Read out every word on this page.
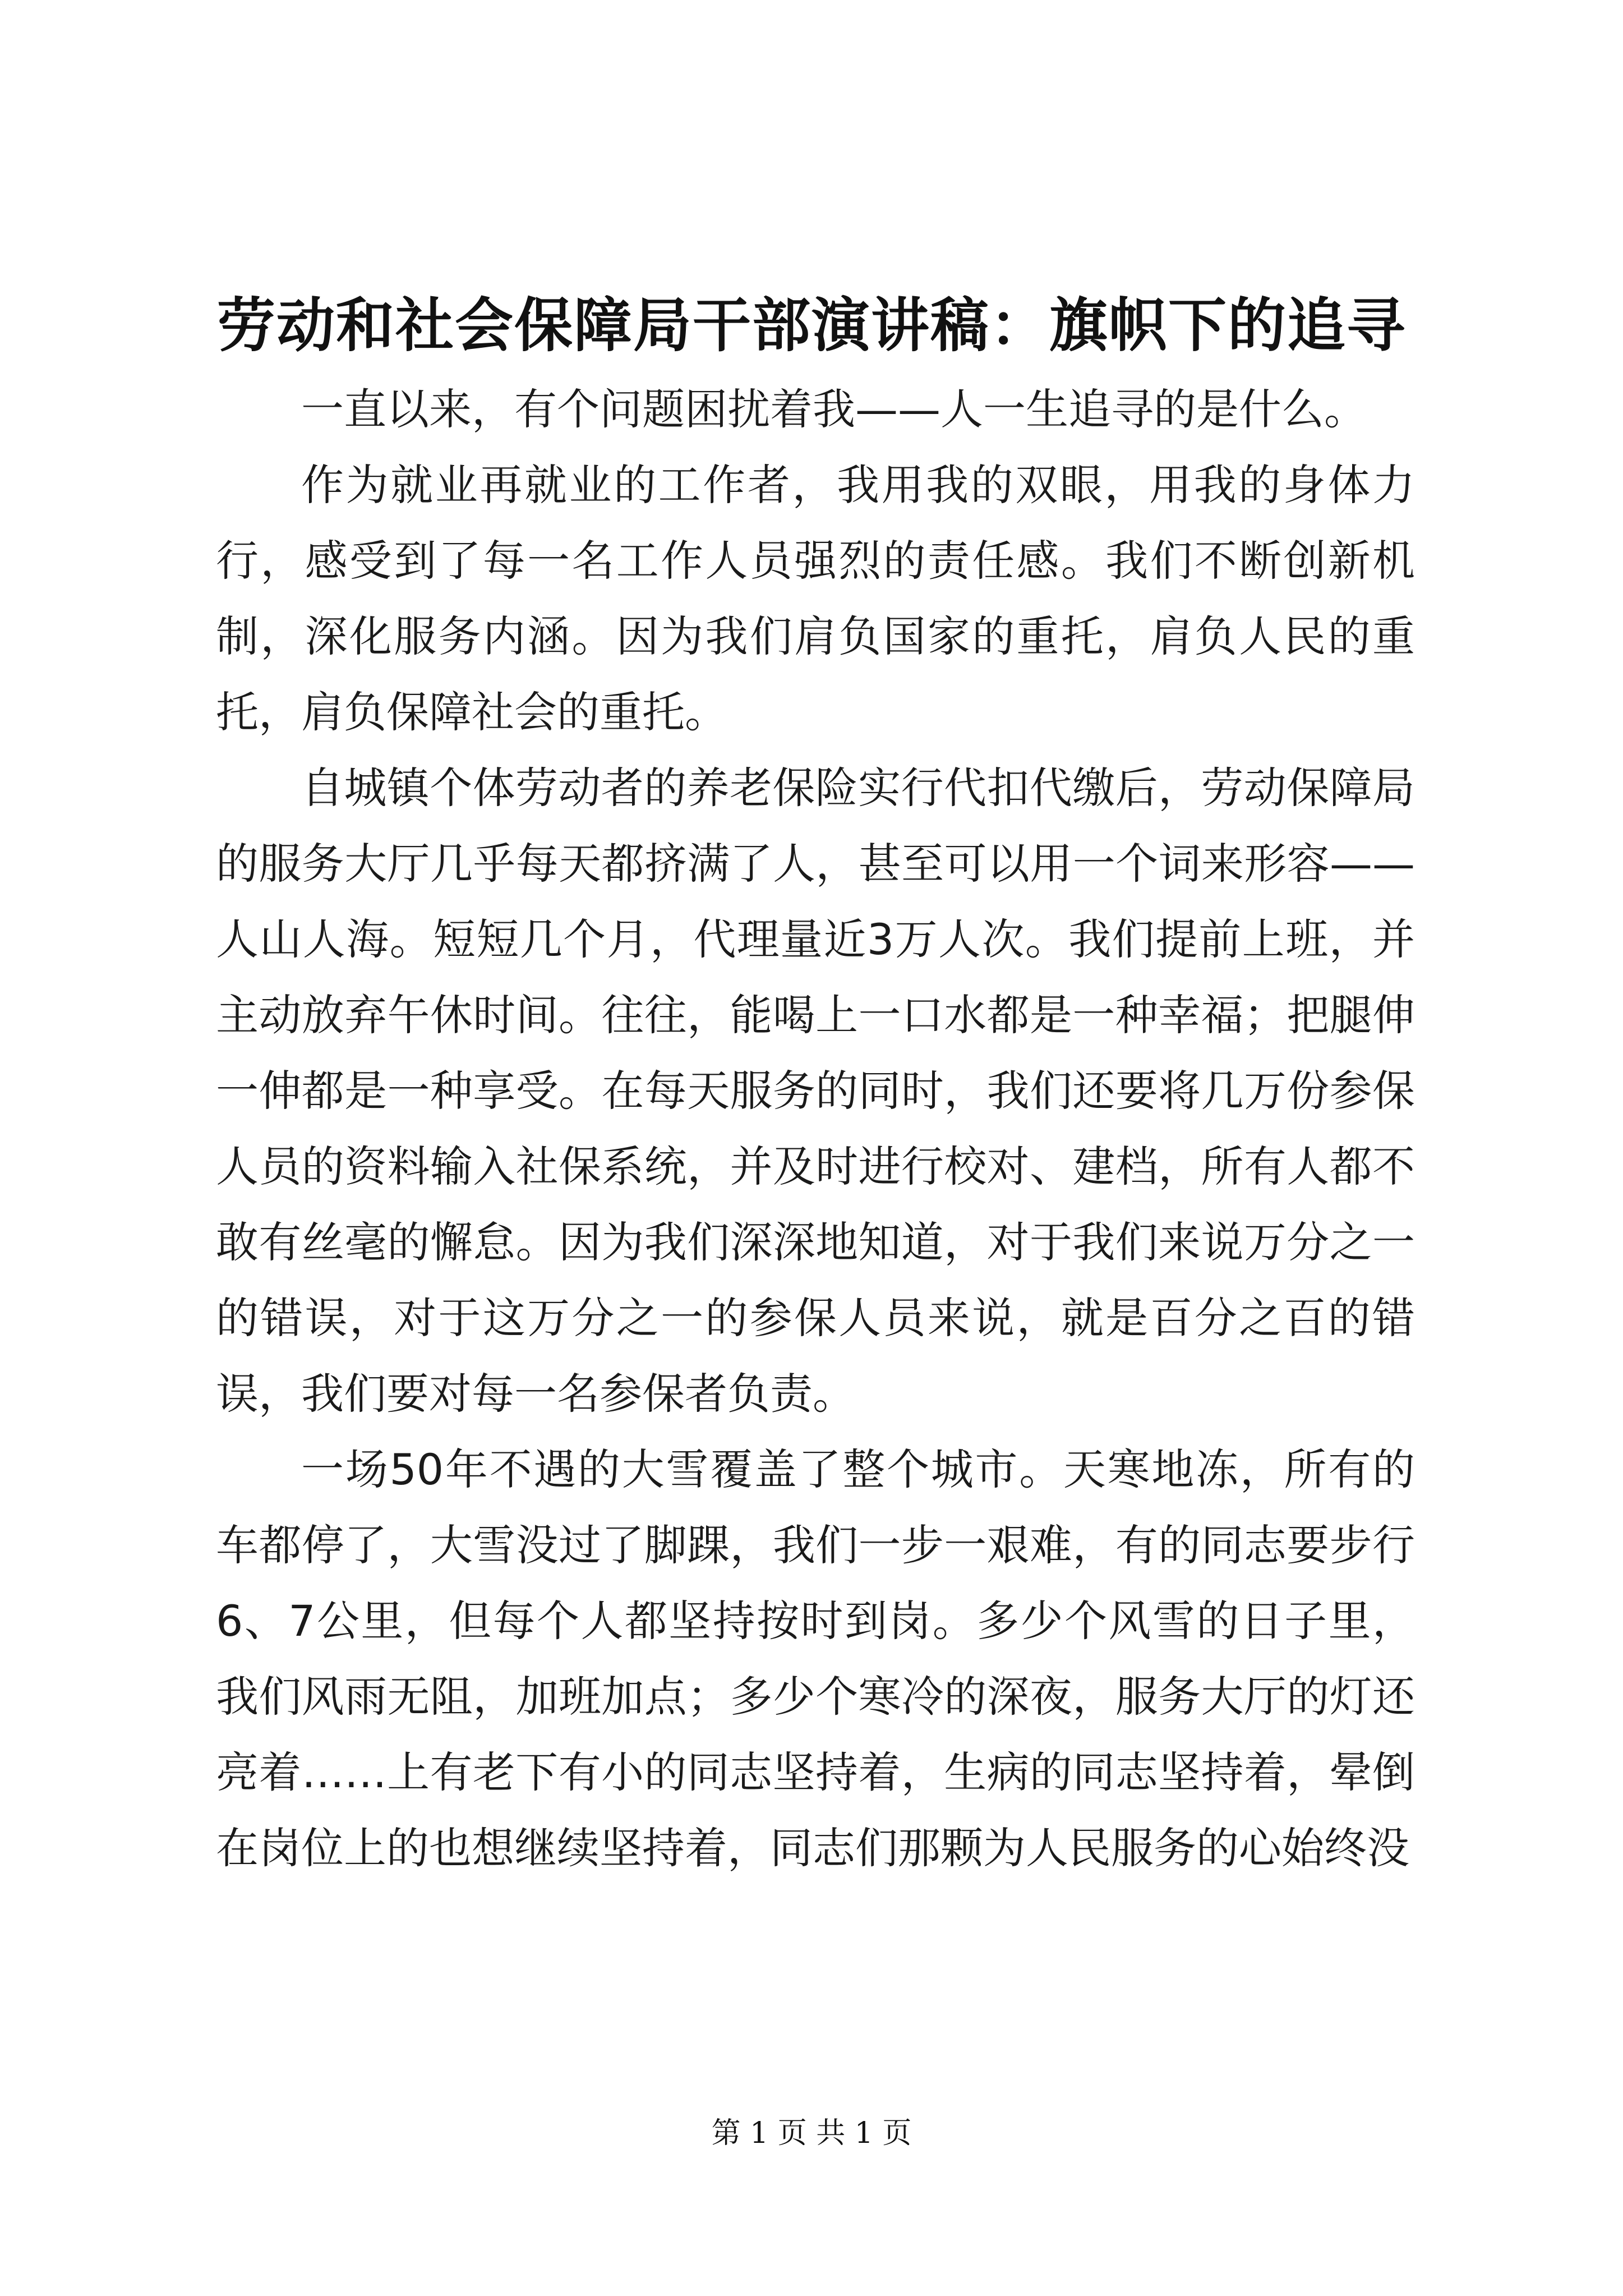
劳动和社会保障局干部演讲稿：旗帜下的追寻

一直以来，有个问题困扰着我——人一生追寻的是什么。

作为就业再就业的工作者，我用我的双眼，用我的身体力行，感受到了每一名工作人员强烈的责任感。我们不断创新机制，深化服务内涵。因为我们肩负国家的重托，肩负人民的重托，肩负保障社会的重托。

自城镇个体劳动者的养老保险实行代扣代缴后，劳动保障局的服务大厅几乎每天都挤满了人，甚至可以用一个词来形容——人山人海。短短几个月，代理量近3万人次。我们提前上班，并主动放弃午休时间。往往，能喝上一口水都是一种幸福；把腿伸一伸都是一种享受。在每天服务的同时，我们还要将几万份参保人员的资料输入社保系统，并及时进行校对、建档，所有人都不敢有丝毫的懈怠。因为我们深深地知道，对于我们来说万分之一的错误，对于这万分之一的参保人员来说，就是百分之百的错误，我们要对每一名参保者负责。

一场50年不遇的大雪覆盖了整个城市。天寒地冻，所有的车都停了，大雪没过了脚踝，我们一步一艰难，有的同志要步行6、7公里，但每个人都坚持按时到岗。多少个风雪的日子里，我们风雨无阻，加班加点；多少个寒冷的深夜，服务大厅的灯还亮着……上有老下有小的同志坚持着，生病的同志坚持着，晕倒在岗位上的也想继续坚持着，同志们那颗为人民服务的心始终没

第 1 页 共 1 页
